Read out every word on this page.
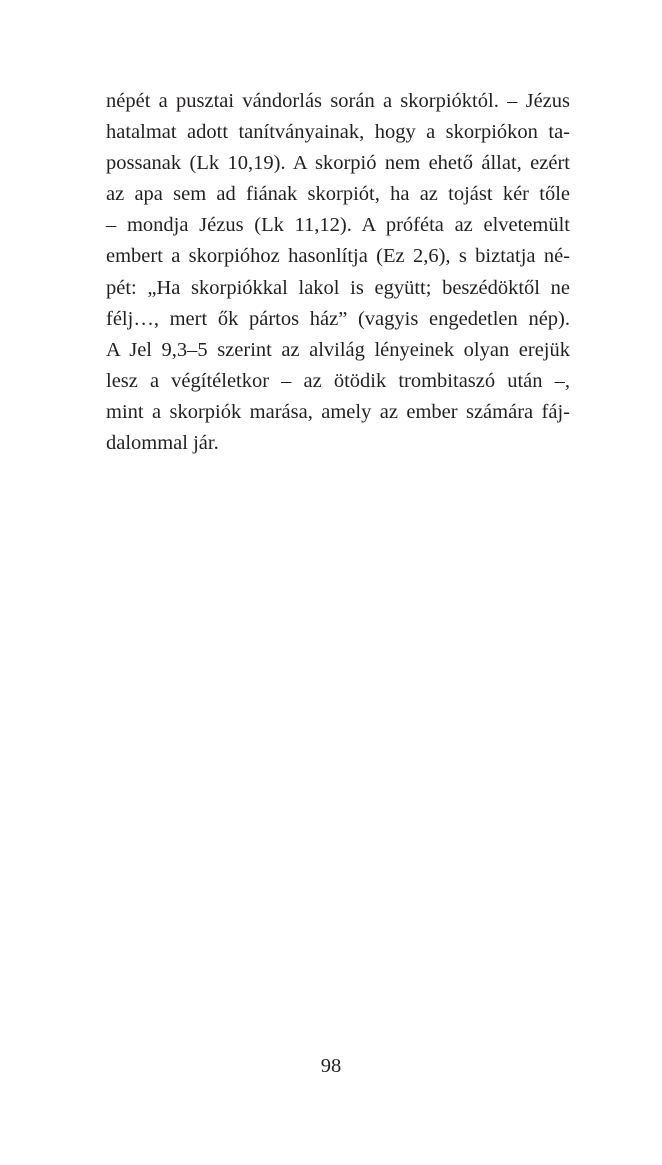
népét a pusztai vándorlás során a skorpióktól. – Jézus
hatalmat adott tanítványainak, hogy a skorpiókon ta-
possanak (Lk 10,19). A skorpió nem ehető állat, ezért
az apa sem ad fiának skorpiót, ha az tojást kér tőle
– mondja Jézus (Lk 11,12). A próféta az elvetemült
embert a skorpióhoz hasonlítja (Ez 2,6), s biztatja né-
pét: „Ha skorpiókkal lakol is együtt; beszédöktől ne
félj…, mert ők pártos ház” (vagyis engedetlen nép).
A Jel 9,3–5 szerint az alvilág lényeinek olyan erejük
lesz a végítéletkor – az ötödik trombitaszó után –,
mint a skorpiók marása, amely az ember számára fáj-
dalommal jár.
98
